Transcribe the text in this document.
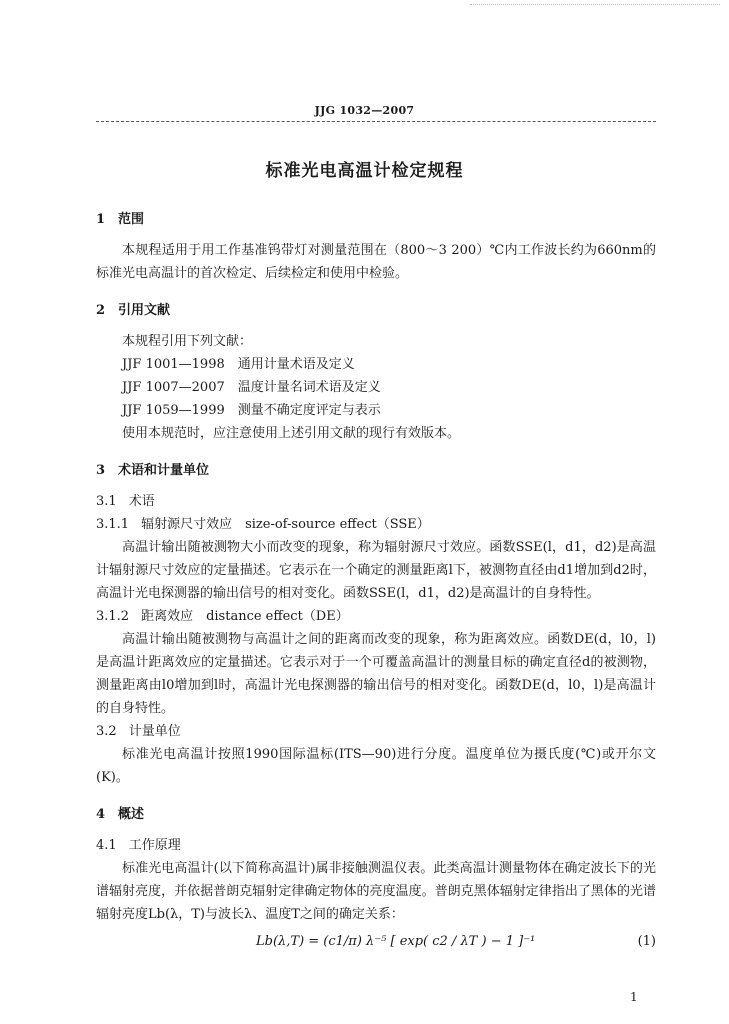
JJG 1032—2007
标准光电高温计检定规程

1 范围

本规程适用于用工作基准钨带灯对测量范围在（800～3 200）℃内工作波长约为660nm的标准光电高温计的首次检定、后续检定和使用中检验。

2 引用文献

本规程引用下列文献：

JJF 1001—1998　通用计量术语及定义

JJF 1007—2007　温度计量名词术语及定义

JJF 1059—1999　测量不确定度评定与表示

使用本规范时，应注意使用上述引用文献的现行有效版本。

3 术语和计量单位

3.1 术语

3.1.1 辐射源尺寸效应　size-of-source effect（SSE）

高温计输出随被测物大小而改变的现象，称为辐射源尺寸效应。函数SSE(l，d1，d2)是高温计辐射源尺寸效应的定量描述。它表示在一个确定的测量距离l下，被测物直径由d1增加到d2时，高温计光电探测器的输出信号的相对变化。函数SSE(l，d1，d2)是高温计的自身特性。

3.1.2 距离效应　distance effect（DE）

高温计输出随被测物与高温计之间的距离而改变的现象，称为距离效应。函数DE(d，l0，l)是高温计距离效应的定量描述。它表示对于一个可覆盖高温计的测量目标的确定直径d的被测物，测量距离由l0增加到l时，高温计光电探测器的输出信号的相对变化。函数DE(d，l0，l)是高温计的自身特性。

3.2 计量单位

标准光电高温计按照1990国际温标(ITS—90)进行分度。温度单位为摄氏度(℃)或开尔文(K)。

4 概述

4.1 工作原理

标准光电高温计(以下简称高温计)属非接触测温仪表。此类高温计测量物体在确定波长下的光谱辐射亮度，并依据普朗克辐射定律确定物体的亮度温度。普朗克黑体辐射定律指出了黑体的光谱辐射亮度Lb(λ，T)与波长λ、温度T之间的确定关系：

Lb(λ,T) = (c1/π) λ⁻⁵ [ exp( c2 / λT ) − 1 ]⁻¹	(1)
1
